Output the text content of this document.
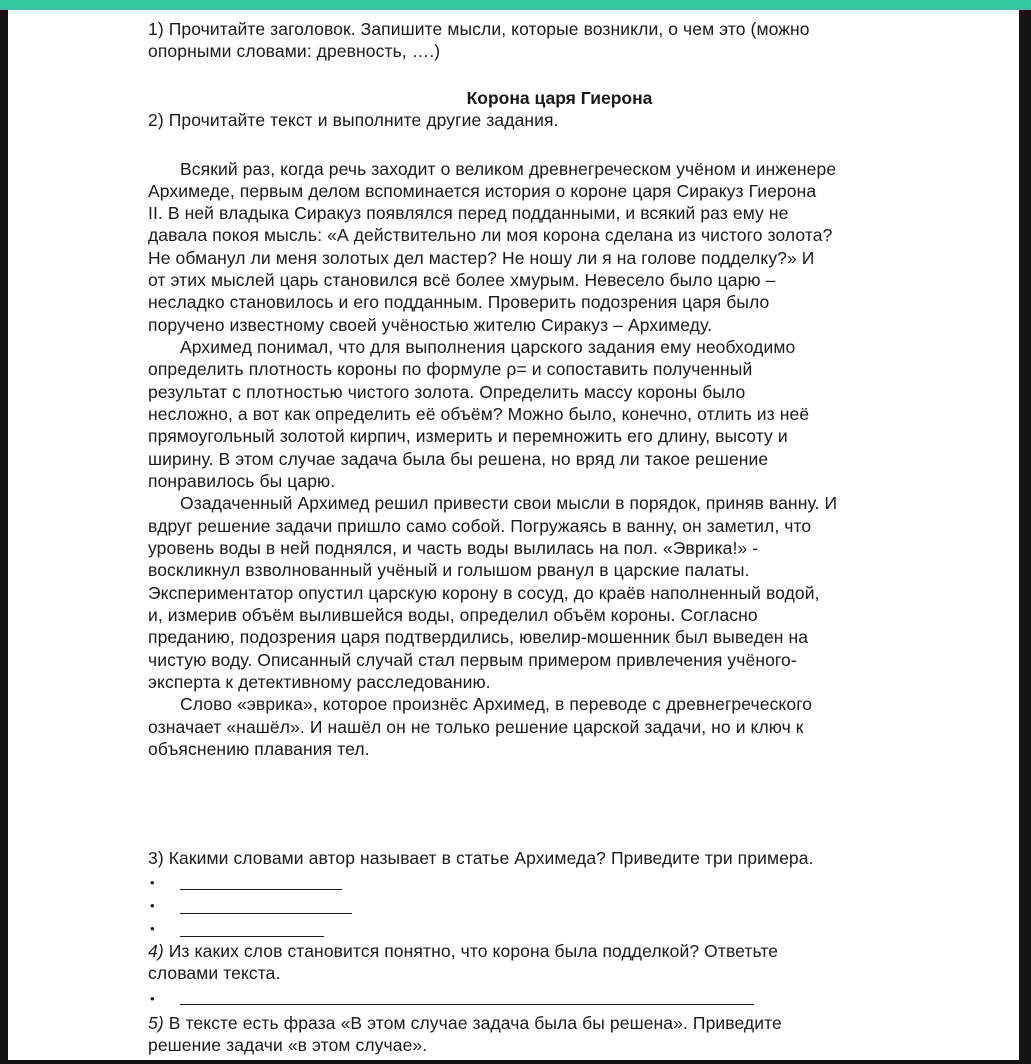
1) Прочитайте заголовок. Запишите мысли, которые возникли, о чем это (можно
опорными словами: древность, ….)
Корона царя Гиерона
2) Прочитайте текст и выполните другие задания.
Всякий раз, когда речь заходит о великом древнегреческом учёном и инженере
Архимеде, первым делом вспоминается история о короне царя Сиракуз Гиерона
II. В ней владыка Сиракуз появлялся перед подданными, и всякий раз ему не
давала покоя мысль: «А действительно ли моя корона сделана из чистого золота?
Не обманул ли меня золотых дел мастер? Не ношу ли я на голове подделку?» И
от этих мыслей царь становился всё более хмурым. Невесело было царю –
несладко становилось и его подданным. Проверить подозрения царя было
поручено известному своей учёностью жителю Сиракуз – Архимеду.
Архимед понимал, что для выполнения царского задания ему необходимо
определить плотность короны по формуле ρ= и сопоставить полученный
результат с плотностью чистого золота. Определить массу короны было
несложно, а вот как определить её объём? Можно было, конечно, отлить из неё
прямоугольный золотой кирпич, измерить и перемножить его длину, высоту и
ширину. В этом случае задача была бы решена, но вряд ли такое решение
понравилось бы царю.
Озадаченный Архимед решил привести свои мысли в порядок, приняв ванну. И
вдруг решение задачи пришло само собой. Погружаясь в ванну, он заметил, что
уровень воды в ней поднялся, и часть воды вылилась на пол. «Эврика!» -
воскликнул взволнованный учёный и голышом рванул в царские палаты.
Экспериментатор опустил царскую корону в сосуд, до краёв наполненный водой,
и, измерив объём вылившейся воды, определил объём короны. Согласно
преданию, подозрения царя подтвердились, ювелир-мошенник был выведен на
чистую воду. Описанный случай стал первым примером привлечения учёного-
эксперта к детективному расследованию.
Слово «эврика», которое произнёс Архимед, в переводе с древнегреческого
означает «нашёл». И нашёл он не только решение царской задачи, но и ключ к
объяснению плавания тел.
3) Какими словами автор называет в статье Архимеда? Приведите три примера.
•
•
•
4) Из каких слов становится понятно, что корона была подделкой? Ответьте
словами текста.
•
5) В тексте есть фраза «В этом случае задача была бы решена». Приведите
решение задачи «в этом случае».
